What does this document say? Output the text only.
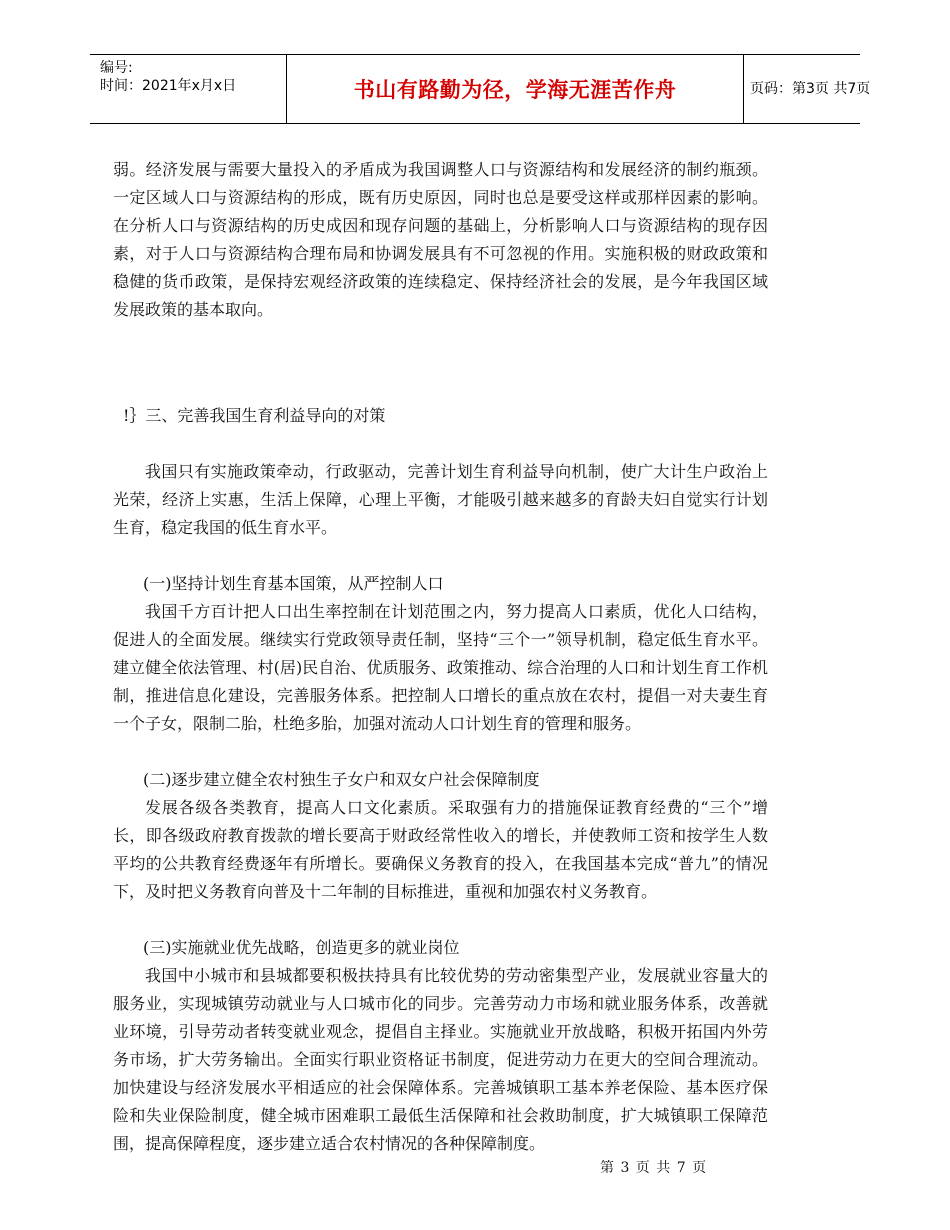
编号:
时间：2021年x月x日	书山有路勤为径，学海无涯苦作舟	页码：第3页 共7页

弱。经济发展与需要大量投入的矛盾成为我国调整人口与资源结构和发展经济的制约瓶颈。一定区域人口与资源结构的形成，既有历史原因，同时也总是要受这样或那样因素的影响。在分析人口与资源结构的历史成因和现存问题的基础上，分析影响人口与资源结构的现存因素，对于人口与资源结构合理布局和协调发展具有不可忽视的作用。实施积极的财政政策和稳健的货币政策，是保持宏观经济政策的连续稳定、保持经济社会的发展，是今年我国区域发展政策的基本取向。

!｝三、完善我国生育利益导向的对策

我国只有实施政策牵动，行政驱动，完善计划生育利益导向机制，使广大计生户政治上光荣，经济上实惠，生活上保障，心理上平衡，才能吸引越来越多的育龄夫妇自觉实行计划生育，稳定我国的低生育水平。

(一)坚持计划生育基本国策，从严控制人口

我国千方百计把人口出生率控制在计划范围之内，努力提高人口素质，优化人口结构，促进人的全面发展。继续实行党政领导责任制，坚持“三个一”领导机制，稳定低生育水平。建立健全依法管理、村(居)民自治、优质服务、政策推动、综合治理的人口和计划生育工作机制，推进信息化建设，完善服务体系。把控制人口增长的重点放在农村，提倡一对夫妻生育一个子女，限制二胎，杜绝多胎，加强对流动人口计划生育的管理和服务。

(二)逐步建立健全农村独生子女户和双女户社会保障制度

发展各级各类教育，提高人口文化素质。采取强有力的措施保证教育经费的“三个”增长，即各级政府教育拨款的增长要高于财政经常性收入的增长，并使教师工资和按学生人数平均的公共教育经费逐年有所增长。要确保义务教育的投入，在我国基本完成“普九”的情况下，及时把义务教育向普及十二年制的目标推进，重视和加强农村义务教育。

(三)实施就业优先战略，创造更多的就业岗位

我国中小城市和县城都要积极扶持具有比较优势的劳动密集型产业，发展就业容量大的服务业，实现城镇劳动就业与人口城市化的同步。完善劳动力市场和就业服务体系，改善就业环境，引导劳动者转变就业观念，提倡自主择业。实施就业开放战略，积极开拓国内外劳务市场，扩大劳务输出。全面实行职业资格证书制度，促进劳动力在更大的空间合理流动。加快建设与经济发展水平相适应的社会保障体系。完善城镇职工基本养老保险、基本医疗保险和失业保险制度，健全城市困难职工最低生活保障和社会救助制度，扩大城镇职工保障范围，提高保障程度，逐步建立适合农村情况的各种保障制度。

第 3 页 共 7 页
